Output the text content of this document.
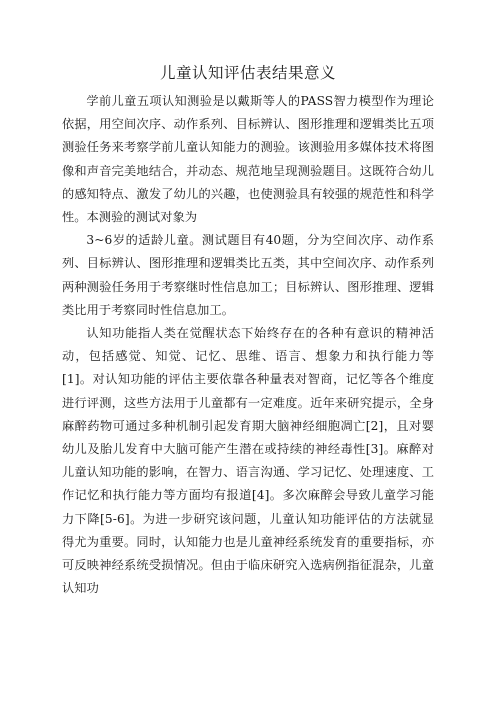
儿童认知评估表结果意义

学前儿童五项认知测验是以戴斯等人的PASS智力模型作为理论依据，用空间次序、动作系列、目标辨认、图形推理和逻辑类比五项测验任务来考察学前儿童认知能力的测验。该测验用多媒体技术将图像和声音完美地结合，并动态、规范地呈现测验题目。这既符合幼儿的感知特点、激发了幼儿的兴趣，也使测验具有较强的规范性和科学性。本测验的测试对象为

3~6岁的适龄儿童。测试题目有40题，分为空间次序、动作系列、目标辨认、图形推理和逻辑类比五类，其中空间次序、动作系列两种测验任务用于考察继时性信息加工；目标辨认、图形推理、逻辑类比用于考察同时性信息加工。

认知功能指人类在觉醒状态下始终存在的各种有意识的精神活动，包括感觉、知觉、记忆、思维、语言、想象力和执行能力等[1]。对认知功能的评估主要依靠各种量表对智商，记忆等各个维度进行评测，这些方法用于儿童都有一定难度。近年来研究提示，全身麻醉药物可通过多种机制引起发育期大脑神经细胞凋亡[2]，且对婴幼儿及胎儿发育中大脑可能产生潜在或持续的神经毒性[3]。麻醉对儿童认知功能的影响，在智力、语言沟通、学习记忆、处理速度、工作记忆和执行能力等方面均有报道[4]。多次麻醉会导致儿童学习能力下降[5-6]。为进一步研究该问题，儿童认知功能评估的方法就显得尤为重要。同时，认知能力也是儿童神经系统发育的重要指标，亦可反映神经系统受损情况。但由于临床研究入选病例指征混杂，儿童认知功
